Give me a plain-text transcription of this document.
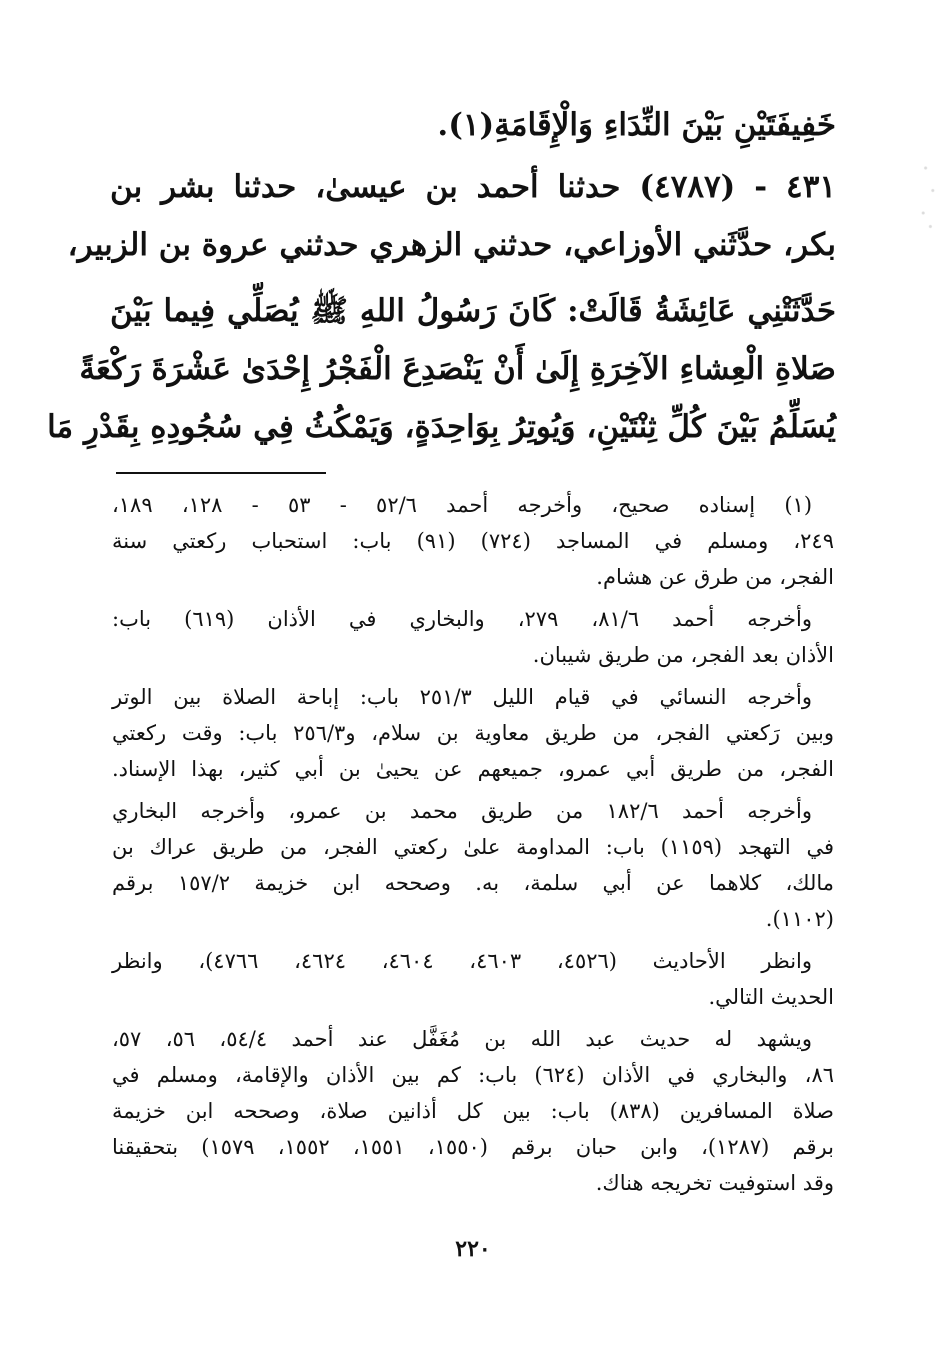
خَفِيفَتَيْنِ بَيْنَ النِّدَاءِ وَالْإِقَامَةِ(١).
٤٣١ - (٤٧٨٧) حدثنا أحمد بن عيسىٰ، حدثنا بشر بن
بكر، حدَّثَني الأوزاعي، حدثني الزهري حدثني عروة بن الزبير،
حَدَّثَتْنِي عَائِشَةُ قَالَتْ: كَانَ رَسُولُ اللهِ ﷺ يُصَلِّي فِيما بَيْنَ
صَلاةِ الْعِشاءِ الآخِرَةِ إِلَىٰ أَنْ يَنْصَدِعَ الْفَجْرُ إِحْدَىٰ عَشْرَةَ رَكْعَةً
يُسَلِّمُ بَيْنَ كُلِّ ثِنْتَيْنِ، وَيُوتِرُ بِوَاحِدَةٍ، وَيَمْكُثُ فِي سُجُودِهِ بِقَدْرِ مَا
(١) إسناده صحيح، وأخرجه أحمد ٥٢/٦ - ٥٣ - ١٢٨، ١٨٩،
٢٤٩، ومسلم في المساجد (٧٢٤) (٩١) باب: استحباب ركعتي سنة
الفجر، من طرق عن هشام.
وأخرجه أحمد ٨١/٦، ٢٧٩، والبخاري في الأذان (٦١٩) باب:
الأذان بعد الفجر، من طريق شيبان.
وأخرجه النسائي في قيام الليل ٢٥١/٣ باب: إباحة الصلاة بين الوتر
وبين رَكعتي الفجر، من طريق معاوية بن سلام، و٢٥٦/٣ باب: وقت ركعتي
الفجر، من طريق أبي عمرو، جميعهم عن يحيىٰ بن أبي كثير، بهذا الإسناد.
وأخرجه أحمد ١٨٢/٦ من طريق محمد بن عمرو، وأخرجه البخاري
في التهجد (١١٥٩) باب: المداومة علىٰ ركعتي الفجر، من طريق عراك بن
مالك، كلاهما عن أبي سلمة، به. وصححه ابن خزيمة ١٥٧/٢ برقم
(١١٠٢).
وانظر الأحاديث (٤٥٢٦، ٤٦٠٣، ٤٦٠٤، ٤٦٢٤، ٤٧٦٦)، وانظر
الحديث التالي.
ويشهد له حديث عبد الله بن مُغَفَّل عند أحمد ٥٤/٤، ٥٦، ٥٧،
٨٦، والبخاري في الأذان (٦٢٤) باب: كم بين الأذان والإقامة، ومسلم في
صلاة المسافرين (٨٣٨) باب: بين كل أذانين صلاة، وصححه ابن خزيمة
برقم (١٢٨٧)، وابن حبان برقم (١٥٥٠، ١٥٥١، ١٥٥٢، ١٥٧٩) بتحقيقنا
وقد استوفيت تخريجه هناك.
٢٢٠
